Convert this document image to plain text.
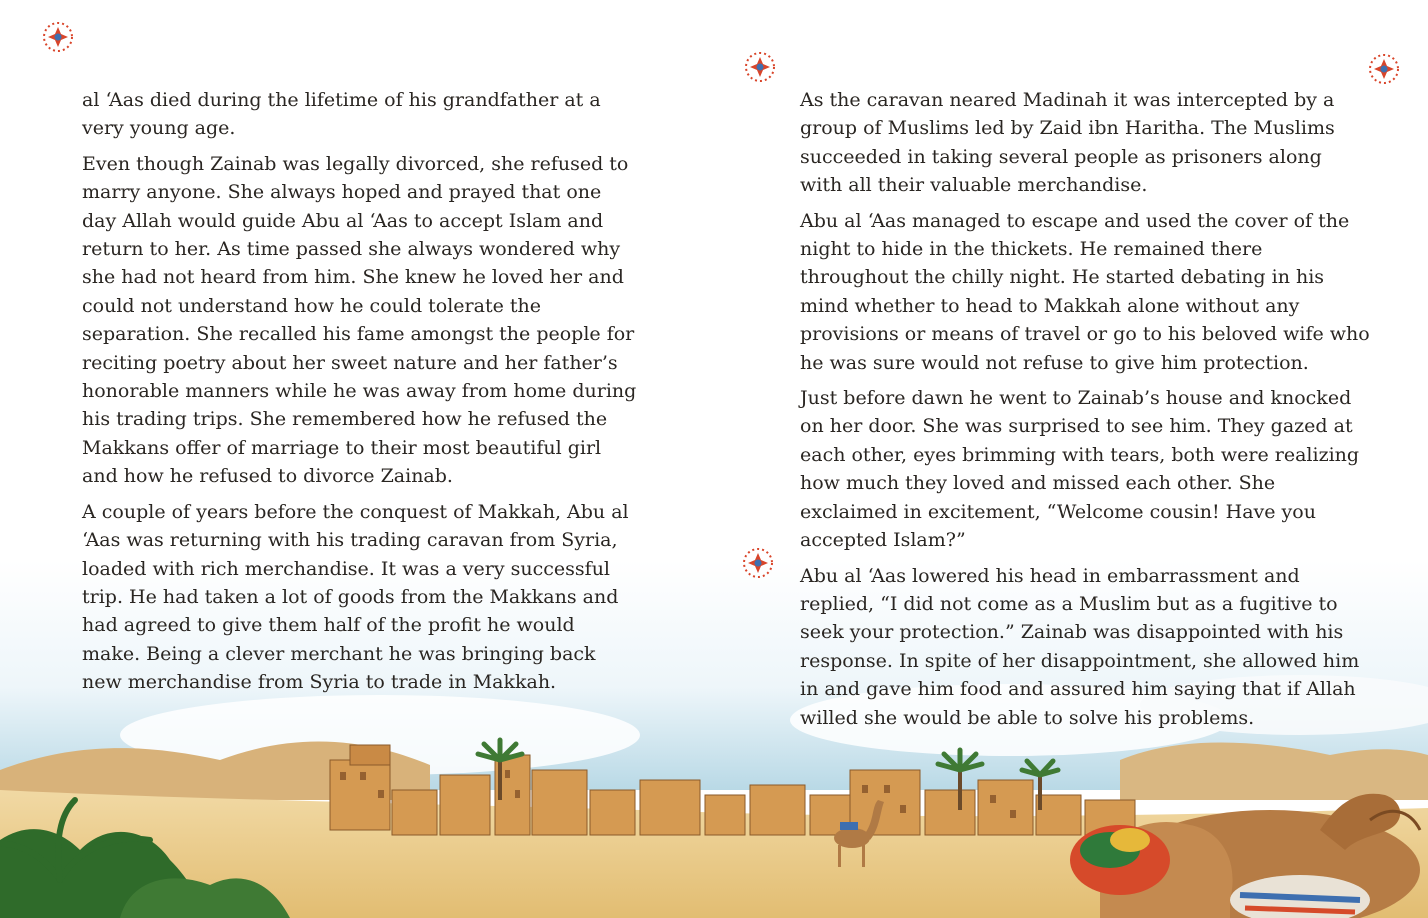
al ‘Aas died during the lifetime of his grandfather at a very young age.

Even though Zainab was legally divorced, she refused to marry anyone. She always hoped and prayed that one day Allah would guide Abu al ‘Aas to accept Islam and return to her. As time passed she always wondered why she had not heard from him. She knew he loved her and could not understand how he could tolerate the separation. She recalled his fame amongst the people for reciting poetry about her sweet nature and her father’s honorable manners while he was away from home during his trading trips. She remembered how he refused the Makkans offer of marriage to their most beautiful girl and how he refused to divorce Zainab.

A couple of years before the conquest of Makkah, Abu al ‘Aas was returning with his trading caravan from Syria, loaded with rich merchandise. It was a very successful trip. He had taken a lot of goods from the Makkans and had agreed to give them half of the profit he would make. Being a clever merchant he was bringing back new merchandise from Syria to trade in Makkah.

As the caravan neared Madinah it was intercepted by a group of Muslims led by Zaid ibn Haritha. The Muslims succeeded in taking several people as prisoners along with all their valuable merchandise.

Abu al ‘Aas managed to escape and used the cover of the night to hide in the thickets. He remained there throughout the chilly night. He started debating in his mind whether to head to Makkah alone without any provisions or means of travel or go to his beloved wife who he was sure would not refuse to give him protection.

Just before dawn he went to Zainab’s house and knocked on her door. She was surprised to see him. They gazed at each other, eyes brimming with tears, both were realizing how much they loved and missed each other. She exclaimed in excitement, “Welcome cousin! Have you accepted Islam?”

Abu al ‘Aas lowered his head in embarrassment and replied, “I did not come as a Muslim but as a fugitive to seek your protection.” Zainab was disappointed with his response. In spite of her disappointment, she allowed him in and gave him food and assured him saying that if Allah willed she would be able to solve his problems.
